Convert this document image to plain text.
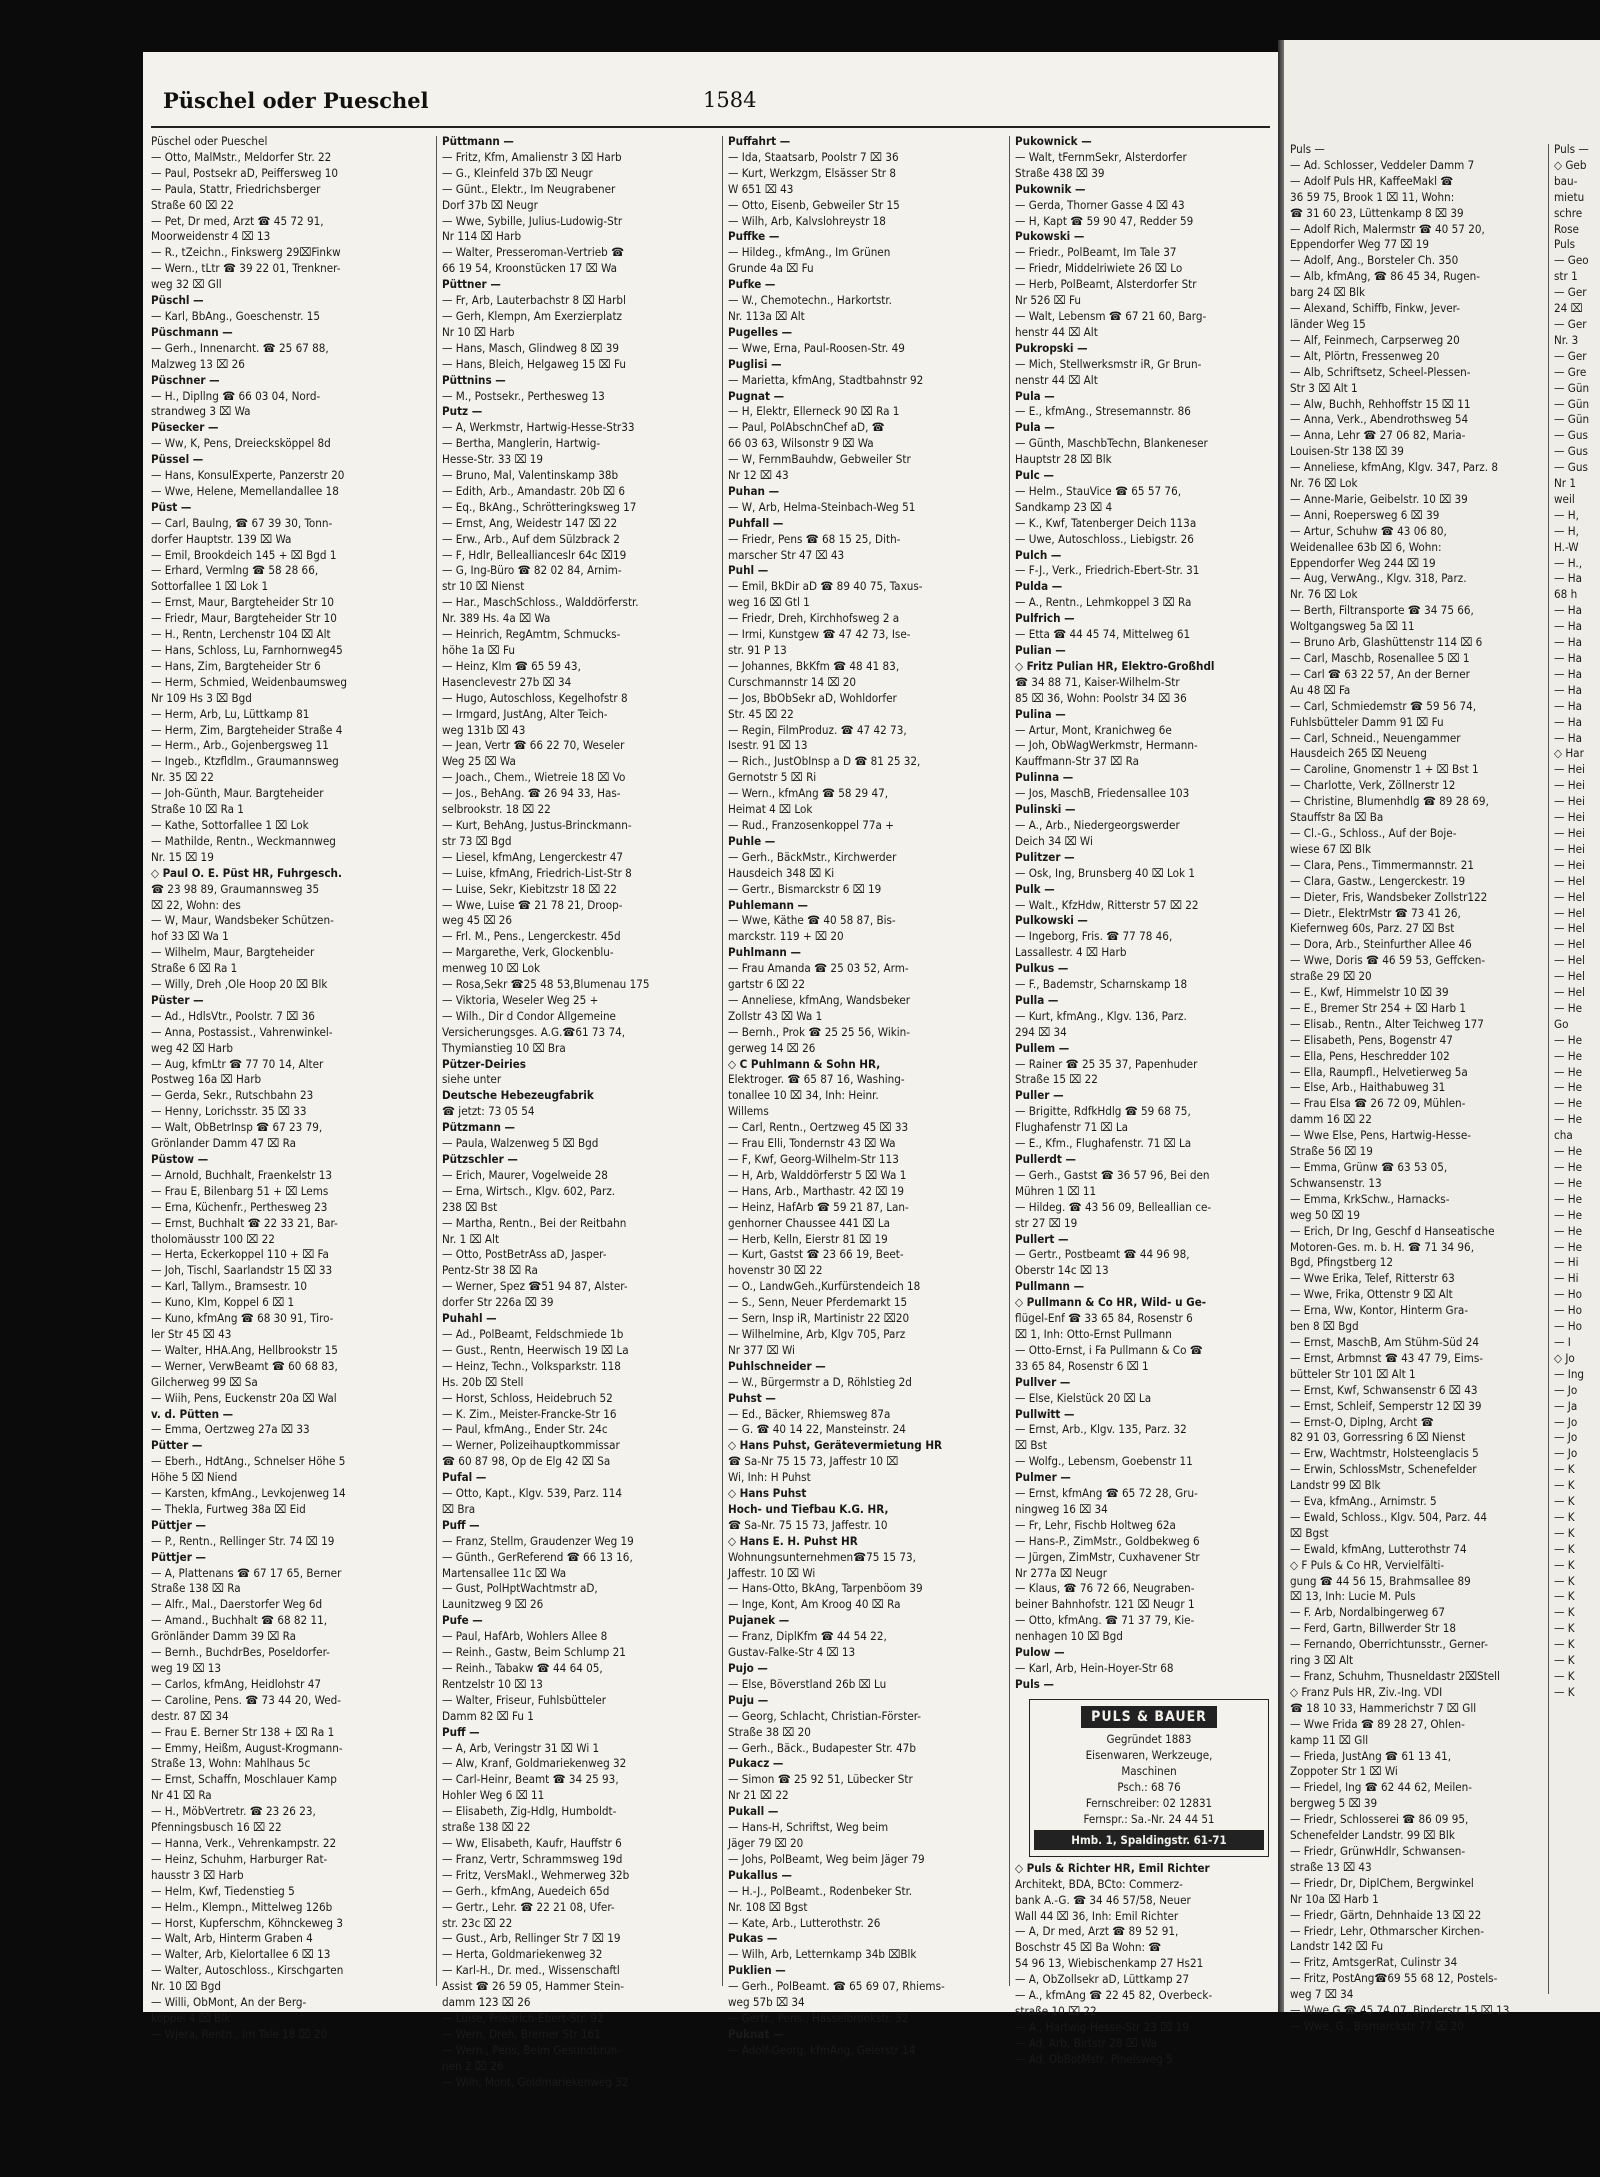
Püschel oder Pueschel	1584
Püschel oder Pueschel
— Otto, MalMstr., Meldorfer Str. 22
— Paul, Postsekr aD, Peiffersweg 10
— Paula, Stattr, Friedrichsberger
Straße 60 ⌧ 22
— Pet, Dr med, Arzt ☎ 45 72 91,
Moorweidenstr 4 ⌧ 13
— R., tZeichn., Finkswerg 29⌧Finkw
— Wern., tLtr ☎ 39 22 01, Trenkner-
weg 32 ⌧ Gll
Püschl —
— Karl, BbAng., Goeschenstr. 15
Püschmann —
— Gerh., Innenarcht. ☎ 25 67 88,
Malzweg 13 ⌧ 26
Püschner —
— H., Dipllng ☎ 66 03 04, Nord-
strandweg 3 ⌧ Wa
Püsecker —
— Ww, K, Pens, Dreiecksköppel 8d
Püssel —
— Hans, KonsulExperte, Panzerstr 20
— Wwe, Helene, Memellandallee 18
Püst —
— Carl, Baulng, ☎ 67 39 30, Tonn-
dorfer Hauptstr. 139 ⌧ Wa
— Emil, Brookdeich 145 + ⌧ Bgd 1
— Erhard, Vermlng ☎ 58 28 66,
Sottorfallee 1 ⌧ Lok 1
— Ernst, Maur, Bargteheider Str 10
— Friedr, Maur, Bargteheider Str 10
— H., Rentn, Lerchenstr 104 ⌧ Alt
— Hans, Schloss, Lu, Farnhornweg45
— Hans, Zim, Bargteheider Str 6
— Herm, Schmied, Weidenbaumsweg
Nr 109 Hs 3 ⌧ Bgd
— Herm, Arb, Lu, Lüttkamp 81
— Herm, Zim, Bargteheider Straße 4
— Herm., Arb., Gojenbergsweg 11
— Ingeb., Ktzfldlm., Graumannsweg
Nr. 35 ⌧ 22
— Joh-Günth, Maur. Bargteheider
Straße 10 ⌧ Ra 1
— Kathe, Sottorfallee 1 ⌧ Lok
— Mathilde, Rentn., Weckmannweg
Nr. 15 ⌧ 19
◇ Paul O. E. Püst HR, Fuhrgesch.
☎ 23 98 89, Graumannsweg 35
⌧ 22, Wohn: des
— W, Maur, Wandsbeker Schützen-
hof 33 ⌧ Wa 1
— Wilhelm, Maur, Bargteheider
Straße 6 ⌧ Ra 1
— Willy, Dreh ,Ole Hoop 20 ⌧ Blk
Püster —
— Ad., HdlsVtr., Poolstr. 7 ⌧ 36
— Anna, Postassist., Vahrenwinkel-
weg 42 ⌧ Harb
— Aug, kfmLtr ☎ 77 70 14, Alter
Postweg 16a ⌧ Harb
— Gerda, Sekr., Rutschbahn 23
— Henny, Lorichsstr. 35 ⌧ 33
— Walt, ObBetrInsp ☎ 67 23 79,
Grönlander Damm 47 ⌧ Ra
Püstow —
— Arnold, Buchhalt, Fraenkelstr 13
— Frau E, Bilenbarg 51 + ⌧ Lems
— Erna, Küchenfr., Perthesweg 23
— Ernst, Buchhalt ☎ 22 33 21, Bar-
tholomäusstr 100 ⌧ 22
— Herta, Eckerkoppel 110 + ⌧ Fa
— Joh, Tischl, Saarlandstr 15 ⌧ 33
— Karl, Tallym., Bramsestr. 10
— Kuno, Klm, Koppel 6 ⌧ 1
— Kuno, kfmAng ☎ 68 30 91, Tiro-
ler Str 45 ⌧ 43
— Walter, HHA.Ang, Hellbrookstr 15
— Werner, VerwBeamt ☎ 60 68 83,
Gilcherweg 99 ⌧ Sa
— Wiih, Pens, Euckenstr 20a ⌧ Wal
v. d. Pütten —
— Emma, Oertzweg 27a ⌧ 33
Pütter —
— Eberh., HdtAng., Schnelser Höhe 5
Höhe 5 ⌧ Niend
— Karsten, kfmAng., Levkojenweg 14
— Thekla, Furtweg 38a ⌧ Eid
Püttjer —
— P., Rentn., Rellinger Str. 74 ⌧ 19
Püttjer —
— A, Plattenans ☎ 67 17 65, Berner
Straße 138 ⌧ Ra
— Alfr., Mal., Daerstorfer Weg 6d
— Amand., Buchhalt ☎ 68 82 11,
Grönländer Damm 39 ⌧ Ra
— Bernh., BuchdrBes, Poseldorfer-
weg 19 ⌧ 13
— Carlos, kfmAng, Heidlohstr 47
— Caroline, Pens. ☎ 73 44 20, Wed-
destr. 87 ⌧ 34
— Frau E. Berner Str 138 + ⌧ Ra 1
— Emmy, Heißm, August-Krogmann-
Straße 13, Wohn: Mahlhaus 5c
— Ernst, Schaffn, Moschlauer Kamp
Nr 41 ⌧ Ra
— H., MöbVertretr. ☎ 23 26 23,
Pfenningsbusch 16 ⌧ 22
— Hanna, Verk., Vehrenkampstr. 22
— Heinz, Schuhm, Harburger Rat-
hausstr 3 ⌧ Harb
— Helm, Kwf, Tiedenstieg 5
— Helm., Klempn., Mittelweg 126b
— Horst, Kupferschm, Köhnckeweg 3
— Walt, Arb, Hinterm Graben 4
— Walter, Arb, Kielortallee 6 ⌧ 13
— Walter, Autoschloss., Kirschgarten
Nr. 10 ⌧ Bgd
— Willi, ObMont, An der Berg-
koppel 4 ⌧ Blk
— Wjera, Rentn., Im Tale 18 ⌧ 20
Püttmann —
— Fritz, Kfm, Amalienstr 3 ⌧ Harb
— G., Kleinfeld 37b ⌧ Neugr
— Günt., Elektr., Im Neugrabener
Dorf 37b ⌧ Neugr
— Wwe, Sybille, Julius-Ludowig-Str
Nr 114 ⌧ Harb
— Walter, Presseroman-Vertrieb ☎
66 19 54, Kroonstücken 17 ⌧ Wa
Püttner —
— Fr, Arb, Lauterbachstr 8 ⌧ Harbl
— Gerh, Klempn, Am Exerzierplatz
Nr 10 ⌧ Harb
— Hans, Masch, Glindweg 8 ⌧ 39
— Hans, Bleich, Helgaweg 15 ⌧ Fu
Püttnins —
— M., Postsekr., Perthesweg 13
Putz —
— A, Werkmstr, Hartwig-Hesse-Str33
— Bertha, Manglerin, Hartwig-
Hesse-Str. 33 ⌧ 19
— Bruno, Mal, Valentinskamp 38b
— Edith, Arb., Amandastr. 20b ⌧ 6
— Eq., BkAng., Schrötteringksweg 17
— Ernst, Ang, Weidestr 147 ⌧ 22
— Erw., Arb., Auf dem Sülzbrack 2
— F, Hdlr, Belleallianceslr 64c ⌧19
— G, Ing-Büro ☎ 82 02 84, Arnim-
str 10 ⌧ Nienst
— Har., MaschSchloss., Walddörferstr.
Nr. 389 Hs. 4a ⌧ Wa
— Heinrich, RegAmtm, Schmucks-
höhe 1a ⌧ Fu
— Heinz, Klm ☎ 65 59 43,
Hasenclevestr 27b ⌧ 34
— Hugo, Autoschloss, Kegelhofstr 8
— Irmgard, JustAng, Alter Teich-
weg 131b ⌧ 43
— Jean, Vertr ☎ 66 22 70, Weseler
Weg 25 ⌧ Wa
— Joach., Chem., Wietreie 18 ⌧ Vo
— Jos., BehAng. ☎ 26 94 33, Has-
selbrookstr. 18 ⌧ 22
— Kurt, BehAng, Justus-Brinckmann-
str 73 ⌧ Bgd
— Liesel, kfmAng, Lengerckestr 47
— Luise, kfmAng, Friedrich-List-Str 8
— Luise, Sekr, Kiebitzstr 18 ⌧ 22
— Wwe, Luise ☎ 21 78 21, Droop-
weg 45 ⌧ 26
— Frl. M., Pens., Lengerckestr. 45d
— Margarethe, Verk, Glockenblu-
menweg 10 ⌧ Lok
— Rosa,Sekr ☎25 48 53,Blumenau 175
— Viktoria, Weseler Weg 25 +
— Wilh., Dir d Condor Allgemeine
Versicherungsges. A.G.☎61 73 74,
Thymianstieg 10 ⌧ Bra
Pützer-Deiries
siehe unter
Deutsche Hebezeugfabrik
☎ jetzt: 73 05 54
Pützmann —
— Paula, Walzenweg 5 ⌧ Bgd
Pützschler —
— Erich, Maurer, Vogelweide 28
— Erna, Wirtsch., Klgv. 602, Parz.
238 ⌧ Bst
— Martha, Rentn., Bei der Reitbahn
Nr. 1 ⌧ Alt
— Otto, PostBetrAss aD, Jasper-
Pentz-Str 38 ⌧ Ra
— Werner, Spez ☎51 94 87, Alster-
dorfer Str 226a ⌧ 39
Puhahl —
— Ad., PolBeamt, Feldschmiede 1b
— Gust., Rentn, Heerwisch 19 ⌧ La
— Heinz, Techn., Volksparkstr. 118
Hs. 20b ⌧ Stell
— Horst, Schloss, Heidebruch 52
— K. Zim., Meister-Francke-Str 16
— Paul, kfmAng., Ender Str. 24c
— Werner, Polizeihauptkommissar
☎ 60 87 98, Op de Elg 42 ⌧ Sa
Pufal —
— Otto, Kapt., Klgv. 539, Parz. 114
⌧ Bra
Puff —
— Franz, Stellm, Graudenzer Weg 19
— Günth., GerReferend ☎ 66 13 16,
Martensallee 11c ⌧ Wa
— Gust, PolHptWachtmstr aD,
Launitzweg 9 ⌧ 26
Pufe —
— Paul, HafArb, Wohlers Allee 8
— Reinh., Gastw, Beim Schlump 21
— Reinh., Tabakw ☎ 44 64 05,
Rentzelstr 10 ⌧ 13
— Walter, Friseur, Fuhlsbütteler
Damm 82 ⌧ Fu 1
Puff —
— A, Arb, Veringstr 31 ⌧ Wi 1
— Alw, Kranf, Goldmariekenweg 32
— Carl-Heinr, Beamt ☎ 34 25 93,
Hohler Weg 6 ⌧ 11
— Elisabeth, Zig-Hdlg, Humboldt-
straße 138 ⌧ 22
— Ww, Elisabeth, Kaufr, Hauffstr 6
— Franz, Vertr, Schrammsweg 19d
— Fritz, VersMakl., Wehmerweg 32b
— Gerh., kfmAng, Auedeich 65d
— Gertr., Lehr. ☎ 22 21 08, Ufer-
str. 23c ⌧ 22
— Gust., Arb, Rellinger Str 7 ⌧ 19
— Herta, Goldmariekenweg 32
— Karl-H., Dr. med., Wissenschaftl
Assist ☎ 26 59 05, Hammer Stein-
damm 123 ⌧ 26
— Luise, Friedrich-Ebert-Str. 92
— Wern, Dreh, Bremer Str 161
— Wern., Pens, Beim Gesundbrun-
nen 2 ⌧ 26
— Wilh, Mont, Goldmariekenweg 32
Puffahrt —
— Ida, Staatsarb, Poolstr 7 ⌧ 36
— Kurt, Werkzgm, Elsässer Str 8
W 651 ⌧ 43
— Otto, Eisenb, Gebweiler Str 15
— Wilh, Arb, Kalvslohreystr 18
Puffke —
— Hildeg., kfmAng., Im Grünen
Grunde 4a ⌧ Fu
Pufke —
— W., Chemotechn., Harkortstr.
Nr. 113a ⌧ Alt
Pugelles —
— Wwe, Erna, Paul-Roosen-Str. 49
Puglisi —
— Marietta, kfmAng, Stadtbahnstr 92
Pugnat —
— H, Elektr, Ellerneck 90 ⌧ Ra 1
— Paul, PolAbschnChef aD, ☎
66 03 63, Wilsonstr 9 ⌧ Wa
— W, FernmBauhdw, Gebweiler Str
Nr 12 ⌧ 43
Puhan —
— W, Arb, Helma-Steinbach-Weg 51
Puhfall —
— Friedr, Pens ☎ 68 15 25, Dith-
marscher Str 47 ⌧ 43
Puhl —
— Emil, BkDir aD ☎ 89 40 75, Taxus-
weg 16 ⌧ Gtl 1
— Friedr, Dreh, Kirchhofsweg 2 a
— Irmi, Kunstgew ☎ 47 42 73, Ise-
str. 91 P 13
— Johannes, BkKfm ☎ 48 41 83,
Curschmannstr 14 ⌧ 20
— Jos, BbObSekr aD, Wohldorfer
Str. 45 ⌧ 22
— Regin, FilmProduz. ☎ 47 42 73,
Isestr. 91 ⌧ 13
— Rich., JustObInsp a D ☎ 81 25 32,
Gernotstr 5 ⌧ Ri
— Wern., kfmAng ☎ 58 29 47,
Heimat 4 ⌧ Lok
— Rud., Franzosenkoppel 77a +
Puhle —
— Gerh., BäckMstr., Kirchwerder
Hausdeich 348 ⌧ Ki
— Gertr., Bismarckstr 6 ⌧ 19
Puhlemann —
— Wwe, Käthe ☎ 40 58 87, Bis-
marckstr. 119 + ⌧ 20
Puhlmann —
— Frau Amanda ☎ 25 03 52, Arm-
gartstr 6 ⌧ 22
— Anneliese, kfmAng, Wandsbeker
Zollstr 43 ⌧ Wa 1
— Bernh., Prok ☎ 25 25 56, Wikin-
gerweg 14 ⌧ 26
◇ C Puhlmann & Sohn HR,
Elektroger. ☎ 65 87 16, Washing-
tonallee 10 ⌧ 34, Inh: Heinr.
Willems
— Carl, Rentn., Oertzweg 45 ⌧ 33
— Frau Elli, Tondernstr 43 ⌧ Wa
— F, Kwf, Georg-Wilhelm-Str 113
— H, Arb, Walddörferstr 5 ⌧ Wa 1
— Hans, Arb., Marthastr. 42 ⌧ 19
— Heinz, HafArb ☎ 59 21 87, Lan-
genhorner Chaussee 441 ⌧ La
— Herb, Kelln, Eierstr 81 ⌧ 19
— Kurt, Gastst ☎ 23 66 19, Beet-
hovenstr 30 ⌧ 22
— O., LandwGeh.,Kurfürstendeich 18
— S., Senn, Neuer Pferdemarkt 15
— Sern, Insp iR, Martinistr 22 ⌧20
— Wilhelmine, Arb, Klgv 705, Parz
Nr 377 ⌧ Wi
Puhlschneider —
— W., Bürgermstr a D, Röhlstieg 2d
Puhst —
— Ed., Bäcker, Rhiemsweg 87a
— G. ☎ 40 14 22, Mansteinstr. 24
◇ Hans Puhst, Gerätevermietung HR
☎ Sa-Nr 75 15 73, Jaffestr 10 ⌧
Wi, Inh: H Puhst
◇ Hans Puhst
Hoch- und Tiefbau K.G. HR,
☎ Sa-Nr. 75 15 73, Jaffestr. 10
◇ Hans E. H. Puhst HR
Wohnungsunternehmen☎75 15 73,
Jaffestr. 10 ⌧ Wi
— Hans-Otto, BkAng, Tarpenböom 39
— Inge, Kont, Am Kroog 40 ⌧ Ra
Pujanek —
— Franz, DiplKfm ☎ 44 54 22,
Gustav-Falke-Str 4 ⌧ 13
Pujo —
— Else, Böverstland 26b ⌧ Lu
Puju —
— Georg, Schlacht, Christian-Förster-
Straße 38 ⌧ 20
— Gerh., Bäck., Budapester Str. 47b
Pukacz —
— Simon ☎ 25 92 51, Lübecker Str
Nr 21 ⌧ 22
Pukall —
— Hans-H, Schriftst, Weg beim
Jäger 79 ⌧ 20
— Johs, PolBeamt, Weg beim Jäger 79
Pukallus —
— H.-J., PolBeamt., Rodenbeker Str.
Nr. 108 ⌧ Bgst
— Kate, Arb., Lutterothstr. 26
Pukas —
— Wilh, Arb, Letternkamp 34b ⌧Blk
Puklien —
— Gerh., PolBeamt. ☎ 65 69 07, Rhiems-
weg 57b ⌧ 34
— Gertr., Pens., Hasselbrookstr. 32
Puknat —
— Adolf-Georg, kfmAng, Geierstr 14
Pukownick —
— Walt, tFernmSekr, Alsterdorfer
Straße 438 ⌧ 39
Pukownik —
— Gerda, Thorner Gasse 4 ⌧ 43
— H, Kapt ☎ 59 90 47, Redder 59
Pukowski —
— Friedr., PolBeamt, Im Tale 37
— Friedr, Middelriwiete 26 ⌧ Lo
— Herb, PolBeamt, Alsterdorfer Str
Nr 526 ⌧ Fu
— Walt, Lebensm ☎ 67 21 60, Barg-
henstr 44 ⌧ Alt
Pukropski —
— Mich, Stellwerksmstr iR, Gr Brun-
nenstr 44 ⌧ Alt
Pula —
— E., kfmAng., Stresemannstr. 86
Pula —
— Günth, MaschbTechn, Blankeneser
Hauptstr 28 ⌧ Blk
Pulc —
— Helm., StauVice ☎ 65 57 76,
Sandkamp 23 ⌧ 4
— K., Kwf, Tatenberger Deich 113a
— Uwe, Autoschloss., Liebigstr. 26
Pulch —
— F-J., Verk., Friedrich-Ebert-Str. 31
Pulda —
— A., Rentn., Lehmkoppel 3 ⌧ Ra
Pulfrich —
— Etta ☎ 44 45 74, Mittelweg 61
Pulian —
◇ Fritz Pulian HR, Elektro-Großhdl
☎ 34 88 71, Kaiser-Wilhelm-Str
85 ⌧ 36, Wohn: Poolstr 34 ⌧ 36
Pulina —
— Artur, Mont, Kranichweg 6e
— Joh, ObWagWerkmstr, Hermann-
Kauffmann-Str 37 ⌧ Ra
Pulinna —
— Jos, MaschB, Friedensallee 103
Pulinski —
— A., Arb., Niedergeorgswerder
Deich 34 ⌧ Wi
Pulitzer —
— Osk, Ing, Brunsberg 40 ⌧ Lok 1
Pulk —
— Walt., KfzHdw, Ritterstr 57 ⌧ 22
Pulkowski —
— Ingeborg, Fris. ☎ 77 78 46,
Lassallestr. 4 ⌧ Harb
Pulkus —
— F., Bademstr, Scharnskamp 18
Pulla —
— Kurt, kfmAng., Klgv. 136, Parz.
294 ⌧ 34
Pullem —
— Rainer ☎ 25 35 37, Papenhuder
Straße 15 ⌧ 22
Puller —
— Brigitte, RdfkHdlg ☎ 59 68 75,
Flughafenstr 71 ⌧ La
— E., Kfm., Flughafenstr. 71 ⌧ La
Pullerdt —
— Gerh., Gastst ☎ 36 57 96, Bei den
Mühren 1 ⌧ 11
— Hildeg. ☎ 43 56 09, Belleallian ce-
str 27 ⌧ 19
Pullert —
— Gertr., Postbeamt ☎ 44 96 98,
Oberstr 14c ⌧ 13
Pullmann —
◇ Pullmann & Co HR, Wild- u Ge-
flügel-Enf ☎ 33 65 84, Rosenstr 6
⌧ 1, Inh: Otto-Ernst Pullmann
— Otto-Ernst, i Fa Pullmann & Co ☎
33 65 84, Rosenstr 6 ⌧ 1
Pullver —
— Else, Kielstück 20 ⌧ La
Pullwitt —
— Ernst, Arb., Klgv. 135, Parz. 32
⌧ Bst
— Wolfg., Lebensm, Goebenstr 11
Pulmer —
— Ernst, kfmAng ☎ 65 72 28, Gru-
ningweg 16 ⌧ 34
— Fr, Lehr, Fischb Holtweg 62a
— Hans-P., ZimMstr., Goldbekweg 6
— Jürgen, ZimMstr, Cuxhavener Str
Nr 277a ⌧ Neugr
— Klaus, ☎ 76 72 66, Neugraben-
beiner Bahnhofstr. 121 ⌧ Neugr 1
— Otto, kfmAng. ☎ 71 37 79, Kie-
nenhagen 10 ⌧ Bgd
Pulow —
— Karl, Arb, Hein-Hoyer-Str 68
Puls —
PULS & BAUER
Gegründet 1883
Eisenwaren, Werkzeuge,
Maschinen
Psch.: 68 76
Fernschreiber: 02 12831
Fernspr.: Sa.-Nr. 24 44 51
Hmb. 1, Spaldingstr. 61-71
◇ Puls & Richter HR, Emil Richter
Architekt, BDA, BCto: Commerz-
bank A.-G. ☎ 34 46 57/58, Neuer
Wall 44 ⌧ 36, Inh: Emil Richter
— A, Dr med, Arzt ☎ 89 52 91,
Boschstr 45 ⌧ Ba Wohn: ☎
54 96 13, Wiebischenkamp 27 Hs21
— A, ObZollsekr aD, Lüttkamp 27
— A., kfmAng ☎ 22 45 82, Overbeck-
straße 10 ⌧ 22
— A., Hartwig-Hesse-Str 23 ⌧ 19
— Ad, Arb, Birtstr 28 ⌧ Wa
— Ad, ObBotMstr, Pinelsweg 5
Puls —
— Ad. Schlosser, Veddeler Damm 7
— Adolf Puls HR, KaffeeMakl ☎
36 59 75, Brook 1 ⌧ 11, Wohn:
☎ 31 60 23, Lüttenkamp 8 ⌧ 39
— Adolf Rich, Malermstr ☎ 40 57 20,
Eppendorfer Weg 77 ⌧ 19
— Adolf, Ang., Borsteler Ch. 350
— Alb, kfmAng, ☎ 86 45 34, Rugen-
barg 24 ⌧ Blk
— Alexand, Schiffb, Finkw, Jever-
länder Weg 15
— Alf, Feinmech, Carpserweg 20
— Alt, Plörtn, Fressenweg 20
— Alb, Schriftsetz, Scheel-Plessen-
Str 3 ⌧ Alt 1
— Alw, Buchh, Rehhoffstr 15 ⌧ 11
— Anna, Verk., Abendrothsweg 54
— Anna, Lehr ☎ 27 06 82, Maria-
Louisen-Str 138 ⌧ 39
— Anneliese, kfmAng, Klgv. 347, Parz. 8
Nr. 76 ⌧ Lok
— Anne-Marie, Geibelstr. 10 ⌧ 39
— Anni, Roepersweg 6 ⌧ 39
— Artur, Schuhw ☎ 43 06 80,
Weidenallee 63b ⌧ 6, Wohn:
Eppendorfer Weg 244 ⌧ 19
— Aug, VerwAng., Klgv. 318, Parz.
Nr. 76 ⌧ Lok
— Berth, Filtransporte ☎ 34 75 66,
Woltgangsweg 5a ⌧ 11
— Bruno Arb, Glashüttenstr 114 ⌧ 6
— Carl, Maschb, Rosenallee 5 ⌧ 1
— Carl ☎ 63 22 57, An der Berner
Au 48 ⌧ Fa
— Carl, Schmiedemstr ☎ 59 56 74,
Fuhlsbütteler Damm 91 ⌧ Fu
— Carl, Schneid., Neuengammer
Hausdeich 265 ⌧ Neueng
— Caroline, Gnomenstr 1 + ⌧ Bst 1
— Charlotte, Verk, Zöllnerstr 12
— Christine, Blumenhdlg ☎ 89 28 69,
Stauffstr 8a ⌧ Ba
— Cl.-G., Schloss., Auf der Boje-
wiese 67 ⌧ Blk
— Clara, Pens., Timmermannstr. 21
— Clara, Gastw., Lengerckestr. 19
— Dieter, Fris, Wandsbeker Zollstr122
— Dietr., ElektrMstr ☎ 73 41 26,
Kiefernweg 60s, Parz. 27 ⌧ Bst
— Dora, Arb., Steinfurther Allee 46
— Wwe, Doris ☎ 46 59 53, Geffcken-
straße 29 ⌧ 20
— E., Kwf, Himmelstr 10 ⌧ 39
— E., Bremer Str 254 + ⌧ Harb 1
— Elisab., Rentn., Alter Teichweg 177
— Elisabeth, Pens, Bogenstr 47
— Ella, Pens, Heschredder 102
— Ella, Raumpfl., Helvetierweg 5a
— Else, Arb., Haithabuweg 31
— Frau Elsa ☎ 26 72 09, Mühlen-
damm 16 ⌧ 22
— Wwe Else, Pens, Hartwig-Hesse-
Straße 56 ⌧ 19
— Emma, Grünw ☎ 63 53 05,
Schwansenstr. 13
— Emma, KrkSchw., Harnacks-
weg 50 ⌧ 19
— Erich, Dr Ing, Geschf d Hanseatische
Motoren-Ges. m. b. H. ☎ 71 34 96,
Bgd, Pfingstberg 12
— Wwe Erika, Telef, Ritterstr 63
— Wwe, Frika, Ottenstr 9 ⌧ Alt
— Erna, Ww, Kontor, Hinterm Gra-
ben 8 ⌧ Bgd
— Ernst, MaschB, Am Stühm-Süd 24
— Ernst, Arbmnst ☎ 43 47 79, Eims-
bütteler Str 101 ⌧ Alt 1
— Ernst, Kwf, Schwansenstr 6 ⌧ 43
— Ernst, Schleif, Semperstr 12 ⌧ 39
— Ernst-O, Diplng, Archt ☎
82 91 03, Gorressring 6 ⌧ Nienst
— Erw, Wachtmstr, Holsteenglacis 5
— Erwin, SchlossMstr, Schenefelder
Landstr 99 ⌧ Blk
— Eva, kfmAng., Arnimstr. 5
— Ewald, Schloss., Klgv. 504, Parz. 44
⌧ Bgst
— Ewald, kfmAng, Lutterothstr 74
◇ F Puls & Co HR, Vervielfälti-
gung ☎ 44 56 15, Brahmsallee 89
⌧ 13, Inh: Lucie M. Puls
— F. Arb, Nordalbingerweg 67
— Ferd, Gartn, Billwerder Str 18
— Fernando, Oberrichtunsstr., Gerner-
ring 3 ⌧ Alt
— Franz, Schuhm, Thusneldastr 2⌧Stell
◇ Franz Puls HR, Ziv.-Ing. VDI
☎ 18 10 33, Hammerichstr 7 ⌧ Gll
— Wwe Frida ☎ 89 28 27, Ohlen-
kamp 11 ⌧ Gll
— Frieda, JustAng ☎ 61 13 41,
Zoppoter Str 1 ⌧ Wi
— Friedel, Ing ☎ 62 44 62, Meilen-
bergweg 5 ⌧ 39
— Friedr, Schlosserei ☎ 86 09 95,
Schenefelder Landstr. 99 ⌧ Blk
— Friedr, GrünwHdlr, Schwansen-
straße 13 ⌧ 43
— Friedr, Dr, DiplChem, Bergwinkel
Nr 10a ⌧ Harb 1
— Friedr, Gärtn, Dehnhaide 13 ⌧ 22
— Friedr, Lehr, Othmarscher Kirchen-
Landstr 142 ⌧ Fu
— Fritz, AmtsgerRat, Culinstr 34
— Fritz, PostAng☎69 55 68 12, Postels-
weg 7 ⌧ 34
— Wwe G ☎ 45 74 07, Binderstr 15 ⌧ 13
— Wwe, G., Bismarckstr 77 ⌧ 20
Puls —
◇ Geb
bau-
mietu
schre
Rose
Puls
— Geo
str 1
— Ger
24 ⌧
— Ger
Nr. 3
— Ger
— Gre
— Gün
— Gün
— Gün
— Gus
— Gus
— Gus
Nr 1
weil
— H,
— H,
H.-W
— H.,
— Ha
68 h
— Ha
— Ha
— Ha
— Ha
— Ha
— Ha
— Ha
— Ha
— Ha
◇ Har
— Hei
— Hei
— Hei
— Hei
— Hei
— Hei
— Hei
— Hel
— Hel
— Hel
— Hel
— Hel
— Hel
— Hel
— Hel
— He
Go
— He
— He
— He
— He
— He
— He
cha
— He
— He
— He
— He
— He
— He
— He
— Hi
— Hi
— Ho
— Ho
— Ho
— I
◇ Jo
— Ing
— Jo
— Ja
— Jo
— Jo
— Jo
— K
— K
— K
— K
— K
— K
— K
— K
— K
— K
— K
— K
— K
— K
— K
